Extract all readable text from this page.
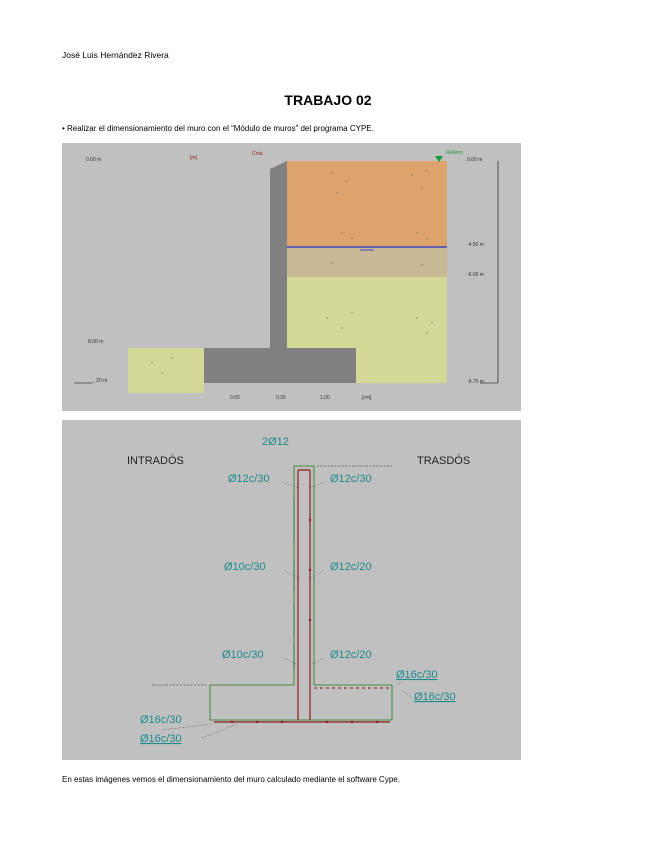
José Luis Hernández Rivera
TRABAJO 02
• Realizar el dimensionamiento del muro con el “Módulo de muros” del programa CYPE.
0.00 m
8.00 m
_ 20 m
[m]
Cota	Relleno
0.00 m
-4.50 m
-6.00 m
-9.70 m
0.65	0.35	1.00	[cm]
INTRADÓS	TRASDÓS
2Ø12
Ø12c/30	Ø12c/30
Ø10c/30	Ø12c/20
Ø10c/30	Ø12c/20
Ø16c/30
Ø16c/30
Ø16c/30
Ø16c/30
En estas imágenes vemos el dimensionamiento del muro calculado mediante el software Cype.
